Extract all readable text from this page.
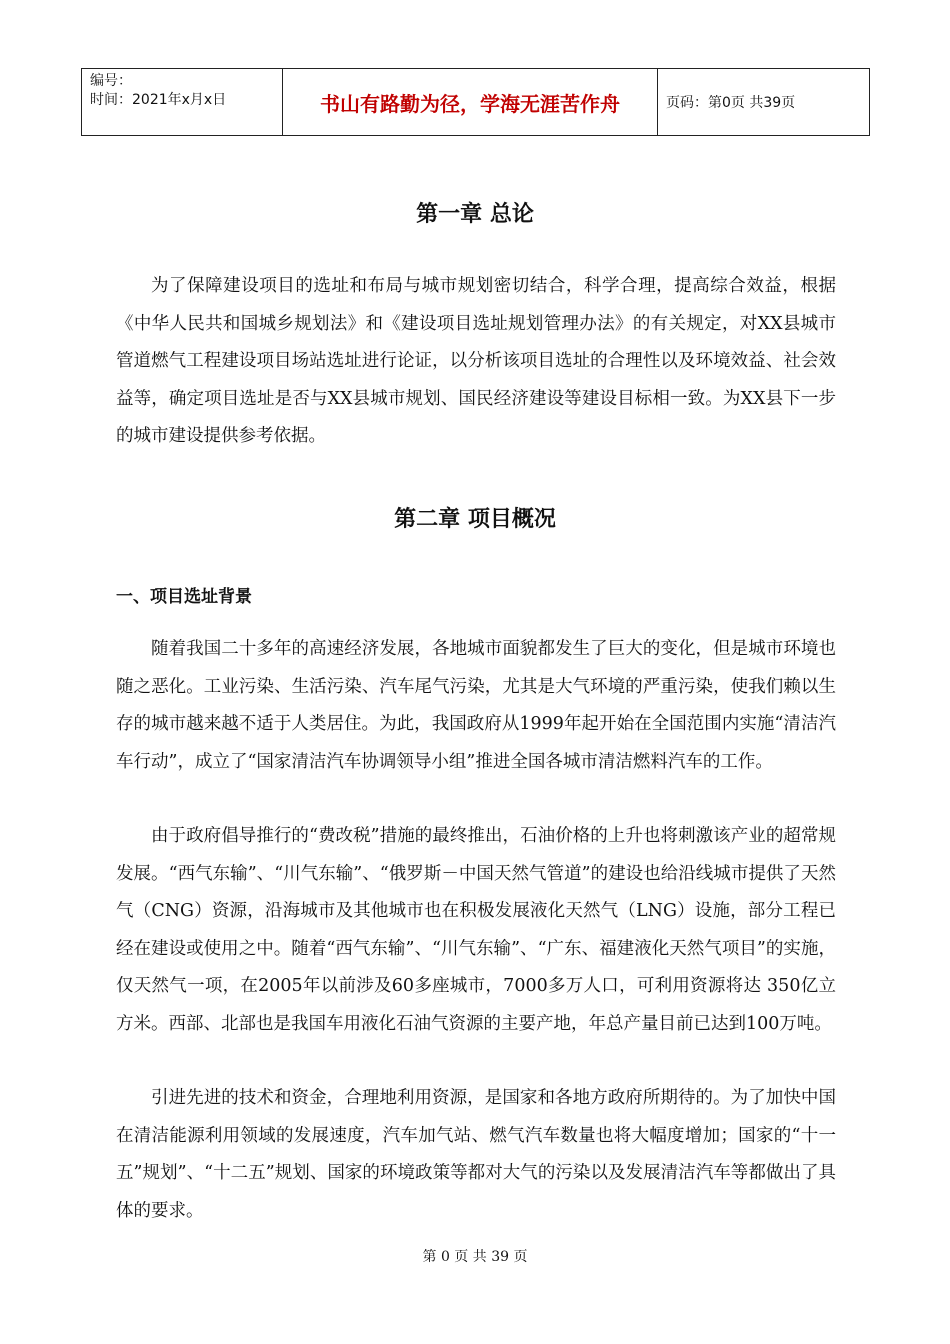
编号：
时间：2021年x月x日	书山有路勤为径，学海无涯苦作舟	页码：第0页 共39页
第一章 总论

为了保障建设项目的选址和布局与城市规划密切结合，科学合理，提高综合效益，根据《中华人民共和国城乡规划法》和《建设项目选址规划管理办法》的有关规定，对XX县城市管道燃气工程建设项目场站选址进行论证，以分析该项目选址的合理性以及环境效益、社会效益等，确定项目选址是否与XX县城市规划、国民经济建设等建设目标相一致。为XX县下一步的城市建设提供参考依据。

第二章 项目概况
一、项目选址背景

随着我国二十多年的高速经济发展，各地城市面貌都发生了巨大的变化，但是城市环境也随之恶化。工业污染、生活污染、汽车尾气污染，尤其是大气环境的严重污染，使我们赖以生存的城市越来越不适于人类居住。为此，我国政府从1999年起开始在全国范围内实施“清洁汽车行动”，成立了“国家清洁汽车协调领导小组”推进全国各城市清洁燃料汽车的工作。

由于政府倡导推行的“费改税”措施的最终推出，石油价格的上升也将刺激该产业的超常规发展。“西气东输”、“川气东输”、“俄罗斯－中国天然气管道”的建设也给沿线城市提供了天然气（CNG）资源，沿海城市及其他城市也在积极发展液化天然气（LNG）设施，部分工程已经在建设或使用之中。随着“西气东输”、“川气东输”、“广东、福建液化天然气项目”的实施，仅天然气一项，在2005年以前涉及60多座城市，7000多万人口，可利用资源将达 350亿立方米。西部、北部也是我国车用液化石油气资源的主要产地，年总产量目前已达到100万吨。

引进先进的技术和资金，合理地利用资源，是国家和各地方政府所期待的。为了加快中国在清洁能源利用领域的发展速度，汽车加气站、燃气汽车数量也将大幅度增加；国家的“十一五”规划”、“十二五”规划、国家的环境政策等都对大气的污染以及发展清洁汽车等都做出了具体的要求。

第 0 页 共 39 页
